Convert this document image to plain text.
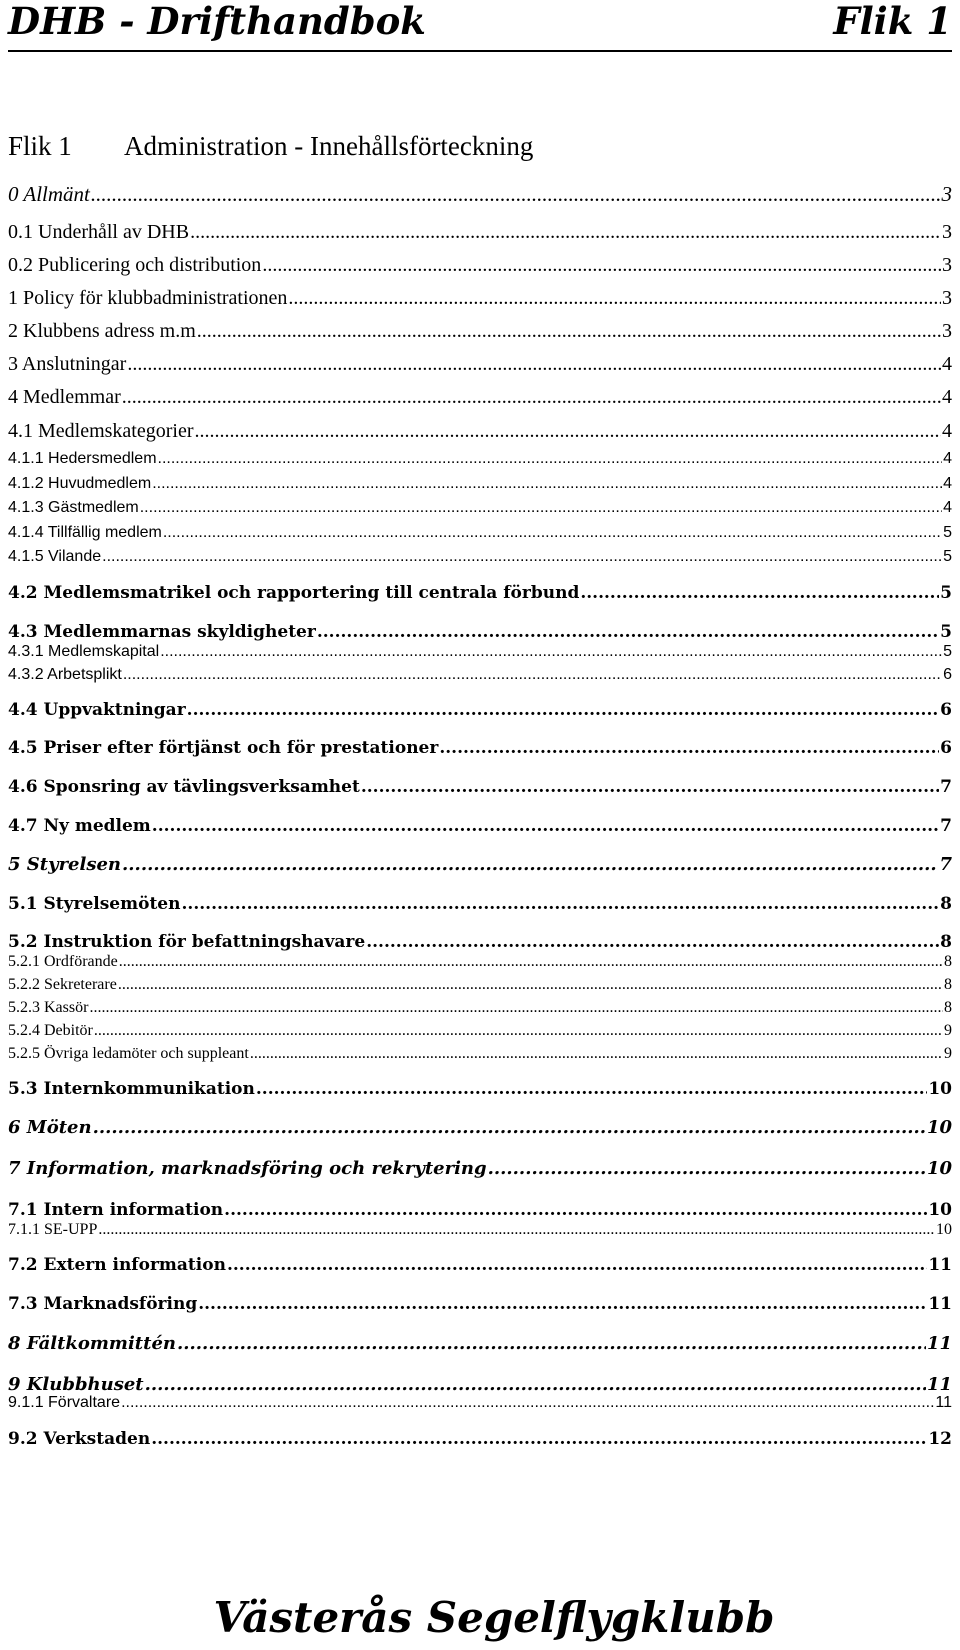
DHB - Drifthandbok	Flik 1
Flik 1 Administration - Innehållsförteckning
0 Allmänt .....	3
0.1 Underhåll av DHB .....	3
0.2 Publicering och distribution .....	3
1 Policy för klubbadministrationen .....	3
2 Klubbens adress m.m .....	3
3 Anslutningar .....	4
4 Medlemmar .....	4
4.1 Medlemskategorier .....	4
4.1.1 Hedersmedlem .....	4
4.1.2 Huvudmedlem .....	4
4.1.3 Gästmedlem .....	4
4.1.4 Tillfällig medlem .....	5
4.1.5 Vilande .....	5
4.2 Medlemsmatrikel och rapportering till centrala förbund .....	5
4.3 Medlemmarnas skyldigheter .....	5
4.3.1 Medlemskapital .....	5
4.3.2 Arbetsplikt .....	6
4.4 Uppvaktningar .....	6
4.5 Priser efter förtjänst och för prestationer .....	6
4.6 Sponsring av tävlingsverksamhet .....	7
4.7 Ny medlem .....	7
5 Styrelsen .....	7
5.1 Styrelsemöten .....	8
5.2 Instruktion för befattningshavare .....	8
5.2.1 Ordförande .....	8
5.2.2 Sekreterare .....	8
5.2.3 Kassör .....	8
5.2.4 Debitör .....	9
5.2.5 Övriga ledamöter och suppleant .....	9
5.3 Internkommunikation .....	10
6 Möten .....	10
7 Information, marknadsföring och rekrytering .....	10
7.1 Intern information .....	10
7.1.1 SE-UPP .....	10
7.2 Extern information .....	11
7.3 Marknadsföring .....	11
8 Fältkommittén .....	11
9 Klubbhuset .....	11
9.1.1 Förvaltare .....	11
9.2 Verkstaden .....	12
Västerås Segelflygklubb
